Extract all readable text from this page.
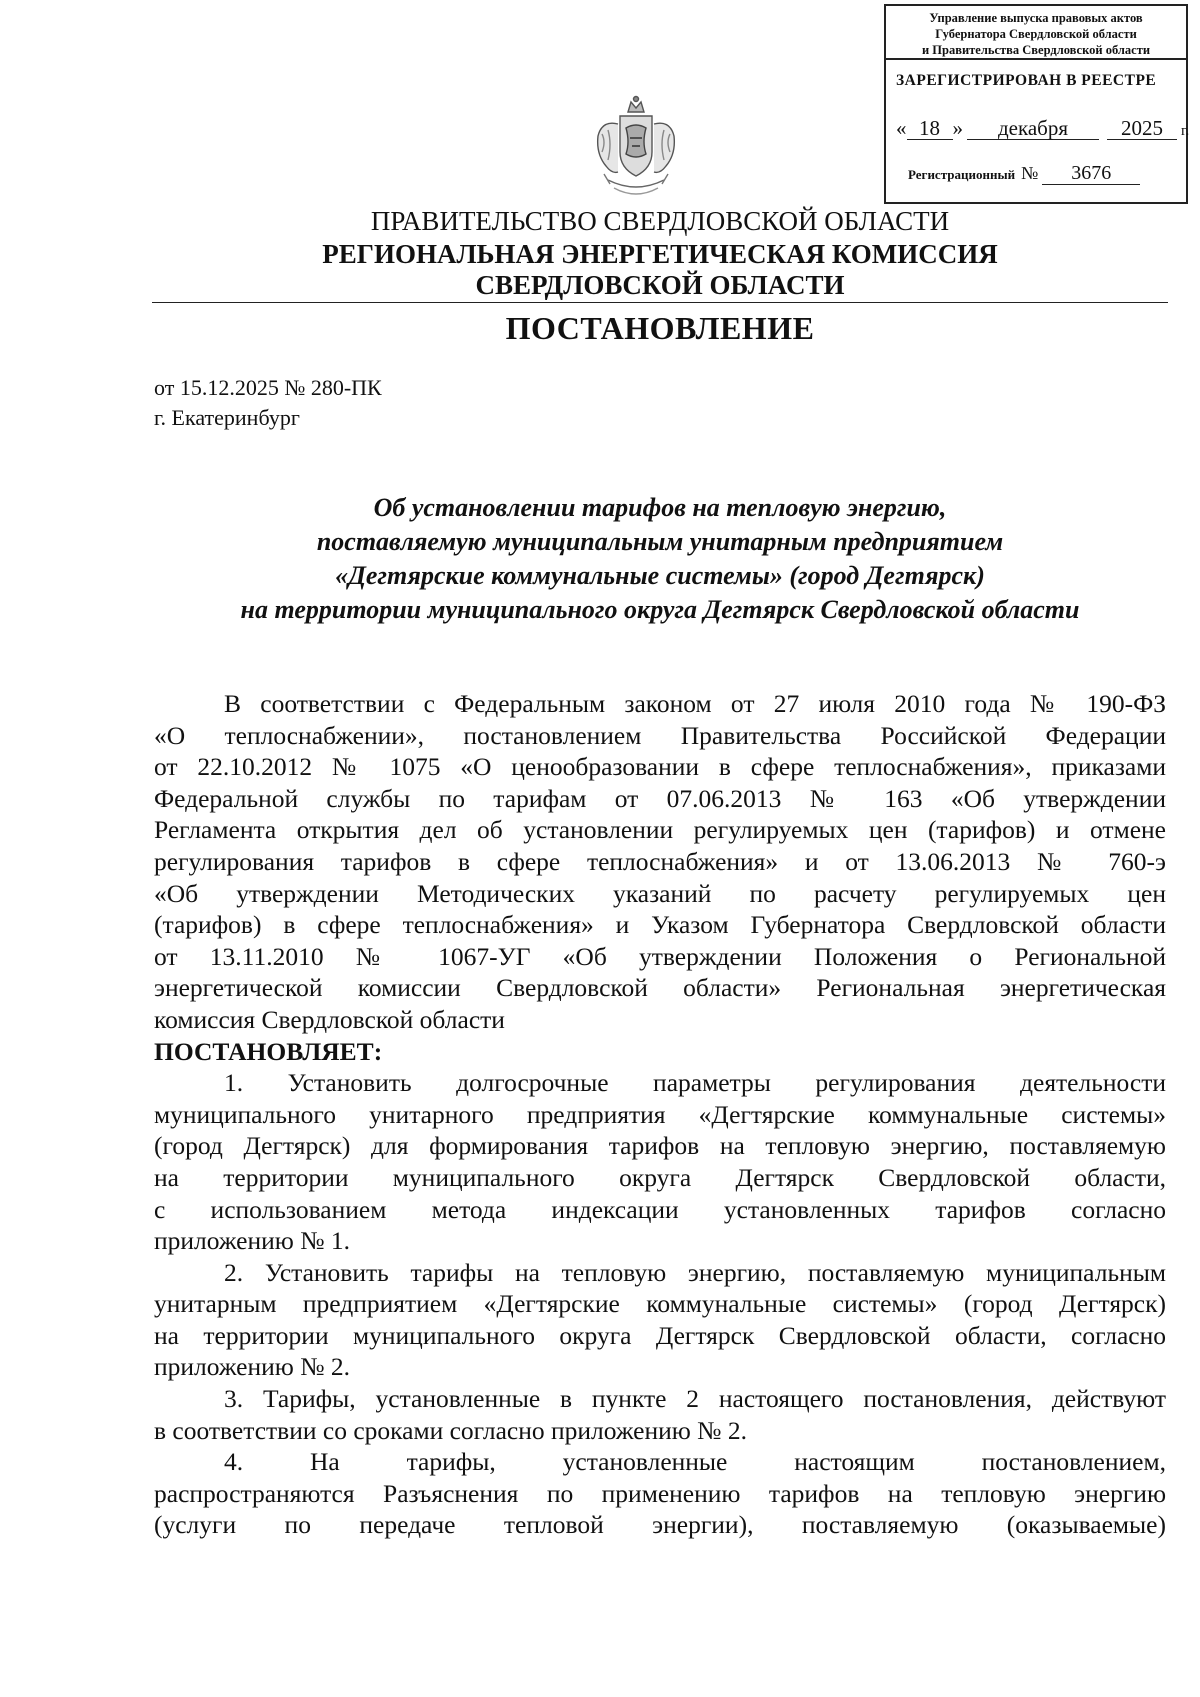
Управление выпуска правовых актов
Губернатора Свердловской области
и Правительства Свердловской области
ЗАРЕГИСТРИРОВАН В РЕЕСТРЕ
« 18 » декабря	2025 г.
Регистрационный № 3676
ПРАВИТЕЛЬСТВО СВЕРДЛОВСКОЙ ОБЛАСТИ
РЕГИОНАЛЬНАЯ ЭНЕРГЕТИЧЕСКАЯ КОМИССИЯ
СВЕРДЛОВСКОЙ ОБЛАСТИ
ПОСТАНОВЛЕНИЕ
от 15.12.2025 № 280-ПК
г. Екатеринбург
Об установлении тарифов на тепловую энергию,
поставляемую муниципальным унитарным предприятием
«Дегтярские коммунальные системы» (город Дегтярск)
на территории муниципального округа Дегтярск Свердловской области
В соответствии с Федеральным законом от 27 июля 2010 года № 190-ФЗ
«О теплоснабжении», постановлением Правительства Российской Федерации
от 22.10.2012 № 1075 «О ценообразовании в сфере теплоснабжения», приказами
Федеральной службы по тарифам от 07.06.2013 № 163 «Об утверждении
Регламента открытия дел об установлении регулируемых цен (тарифов) и отмене
регулирования тарифов в сфере теплоснабжения» и от 13.06.2013 № 760-э
«Об утверждении Методических указаний по расчету регулируемых цен
(тарифов) в сфере теплоснабжения» и Указом Губернатора Свердловской области
от 13.11.2010 № 1067-УГ «Об утверждении Положения о Региональной
энергетической комиссии Свердловской области» Региональная энергетическая
комиссия Свердловской области
ПОСТАНОВЛЯЕТ:
1. Установить долгосрочные параметры регулирования деятельности
муниципального унитарного предприятия «Дегтярские коммунальные системы»
(город Дегтярск) для формирования тарифов на тепловую энергию, поставляемую
на территории муниципального округа Дегтярск Свердловской области,
с использованием метода индексации установленных тарифов согласно
приложению № 1.
2. Установить тарифы на тепловую энергию, поставляемую муниципальным
унитарным предприятием «Дегтярские коммунальные системы» (город Дегтярск)
на территории муниципального округа Дегтярск Свердловской области, согласно
приложению № 2.
3. Тарифы, установленные в пункте 2 настоящего постановления, действуют
в соответствии со сроками согласно приложению № 2.
4. На тарифы, установленные настоящим постановлением,
распространяются Разъяснения по применению тарифов на тепловую энергию
(услуги по передаче тепловой энергии), поставляемую (оказываемые)
